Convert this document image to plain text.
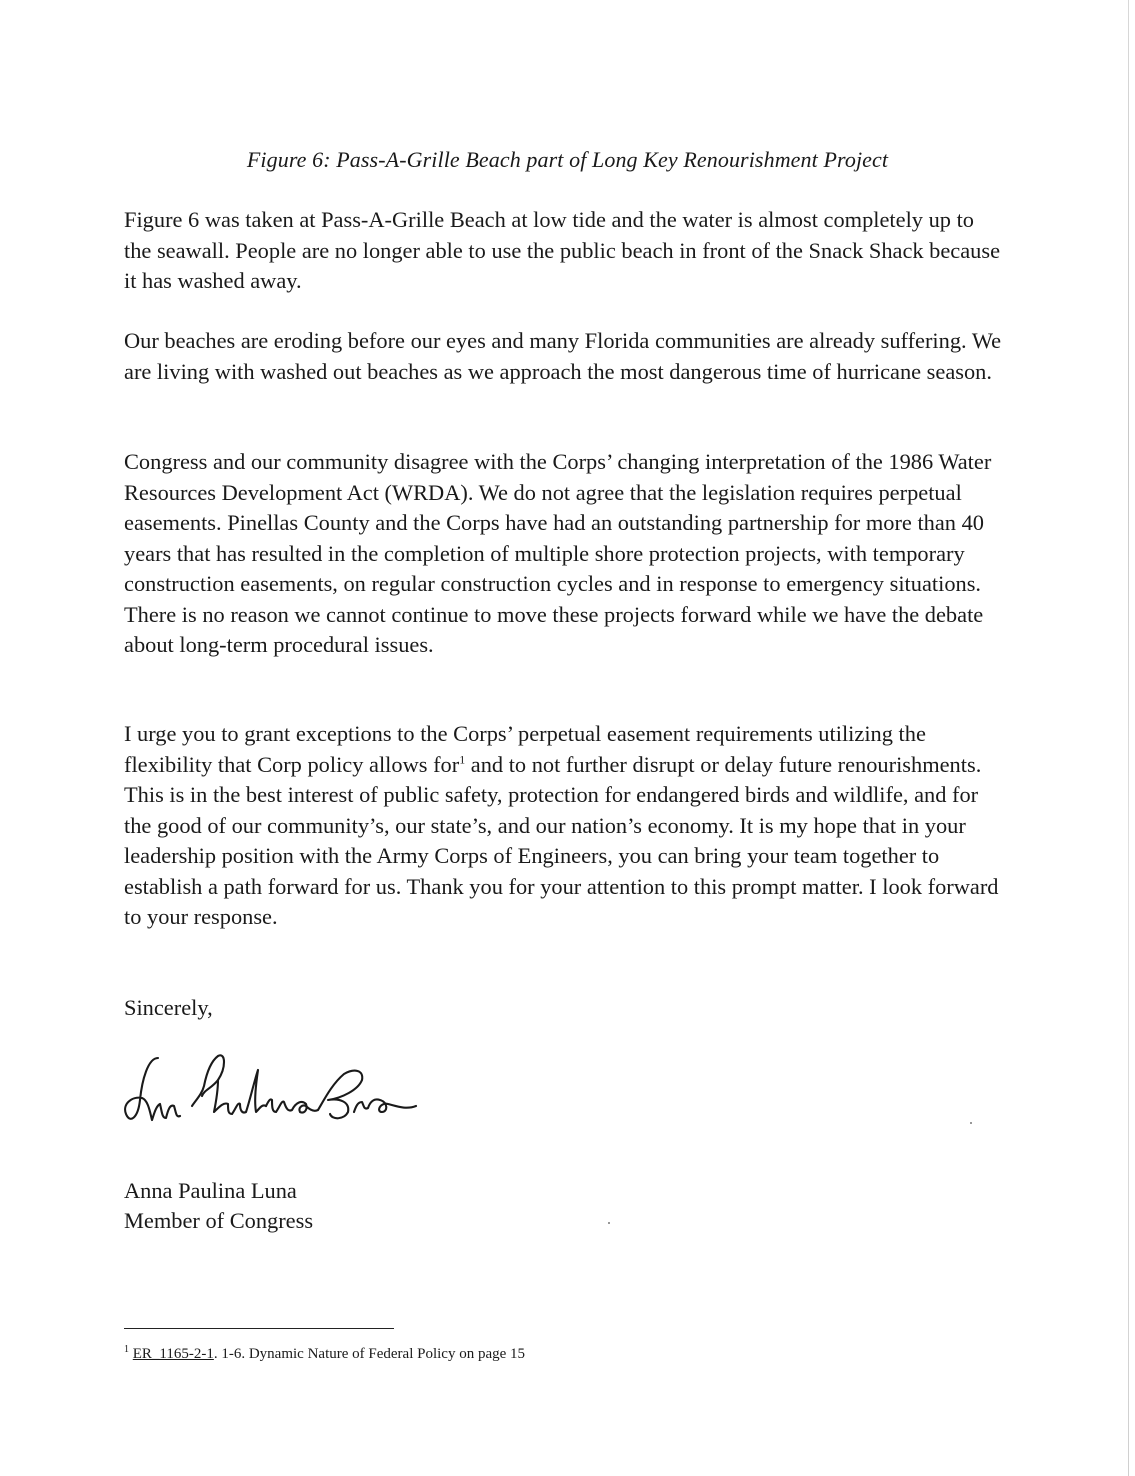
Figure 6: Pass-A-Grille Beach part of Long Key Renourishment Project

Figure 6 was taken at Pass-A-Grille Beach at low tide and the water is almost completely up to the seawall. People are no longer able to use the public beach in front of the Snack Shack because it has washed away.

Our beaches are eroding before our eyes and many Florida communities are already suffering. We are living with washed out beaches as we approach the most dangerous time of hurricane season.

Congress and our community disagree with the Corps’ changing interpretation of the 1986 Water Resources Development Act (WRDA). We do not agree that the legislation requires perpetual easements. Pinellas County and the Corps have had an outstanding partnership for more than 40 years that has resulted in the completion of multiple shore protection projects, with temporary construction easements, on regular construction cycles and in response to emergency situations. There is no reason we cannot continue to move these projects forward while we have the debate about long-term procedural issues.

I urge you to grant exceptions to the Corps’ perpetual easement requirements utilizing the flexibility that Corp policy allows for$^1$ and to not further disrupt or delay future renourishments. This is in the best interest of public safety, protection for endangered birds and wildlife, and for the good of our community’s, our state’s, and our nation’s economy. It is my hope that in your leadership position with the Army Corps of Engineers, you can bring your team together to establish a path forward for us. Thank you for your attention to this prompt matter. I look forward to your response.

Sincerely,

Anna Paulina Luna

Member of Congress

$^1$ ER_1165-2-1. 1-6. Dynamic Nature of Federal Policy on page 15
